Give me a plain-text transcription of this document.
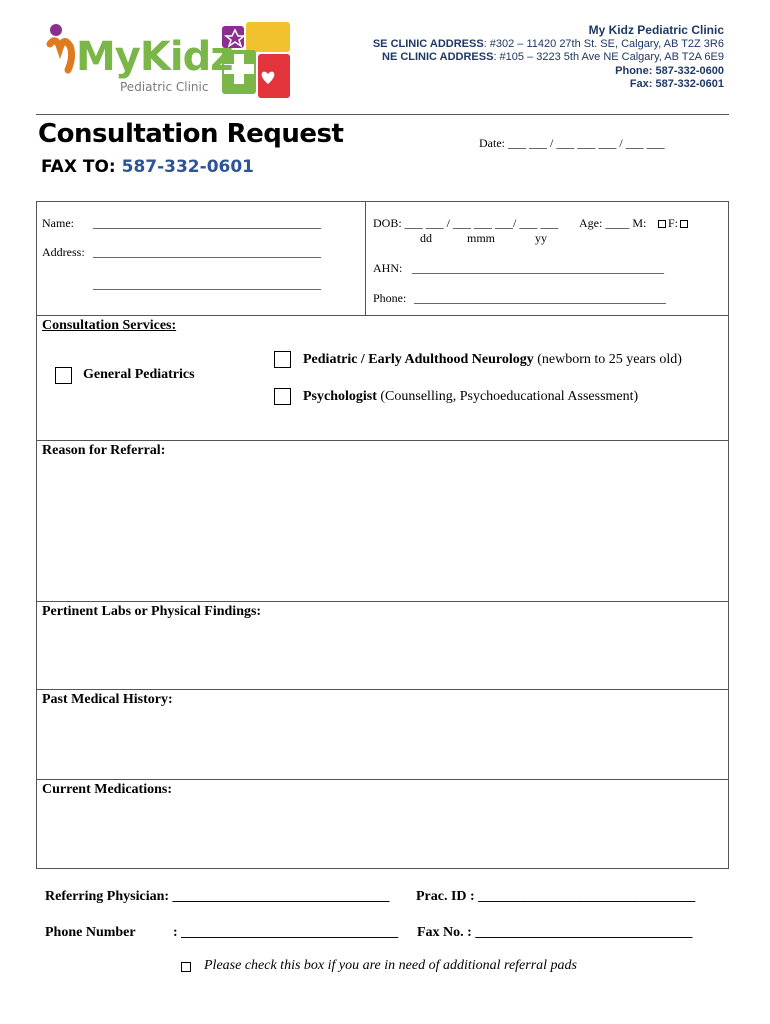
MyKidz
Pediatric Clinic
My Kidz Pediatric Clinic
SE CLINIC ADDRESS: #302 – 11420 27th St. SE, Calgary, AB T2Z 3R6
NE CLINIC ADDRESS: #105 – 3223 5th Ave NE Calgary, AB T2A 6E9
Phone: 587-332-0600
Fax: 587-332-0601
Consultation Request	Date: ___ ___ / ___ ___ ___ / ___ ___
FAX TO: 587-332-0601
Name: ______________________________________
Address: ______________________________________
______________________________________
DOB: ___ ___ / ___ ___ ___/ ___ ___
dd	mmm	yy
Age: ____ M: F:
AHN: __________________________________________
Phone: __________________________________________
Consultation Services:
General Pediatrics
Pediatric / Early Adulthood Neurology (newborn to 25 years old)
Psychologist (Counselling, Psychoeducational Assessment)
Reason for Referral:
Pertinent Labs or Physical Findings:
Past Medical History:
Current Medications:
Referring Physician: _______________________________ Prac. ID : _______________________________
Phone Number	: _______________________________ Fax No. : _______________________________
Please check this box if you are in need of additional referral pads
